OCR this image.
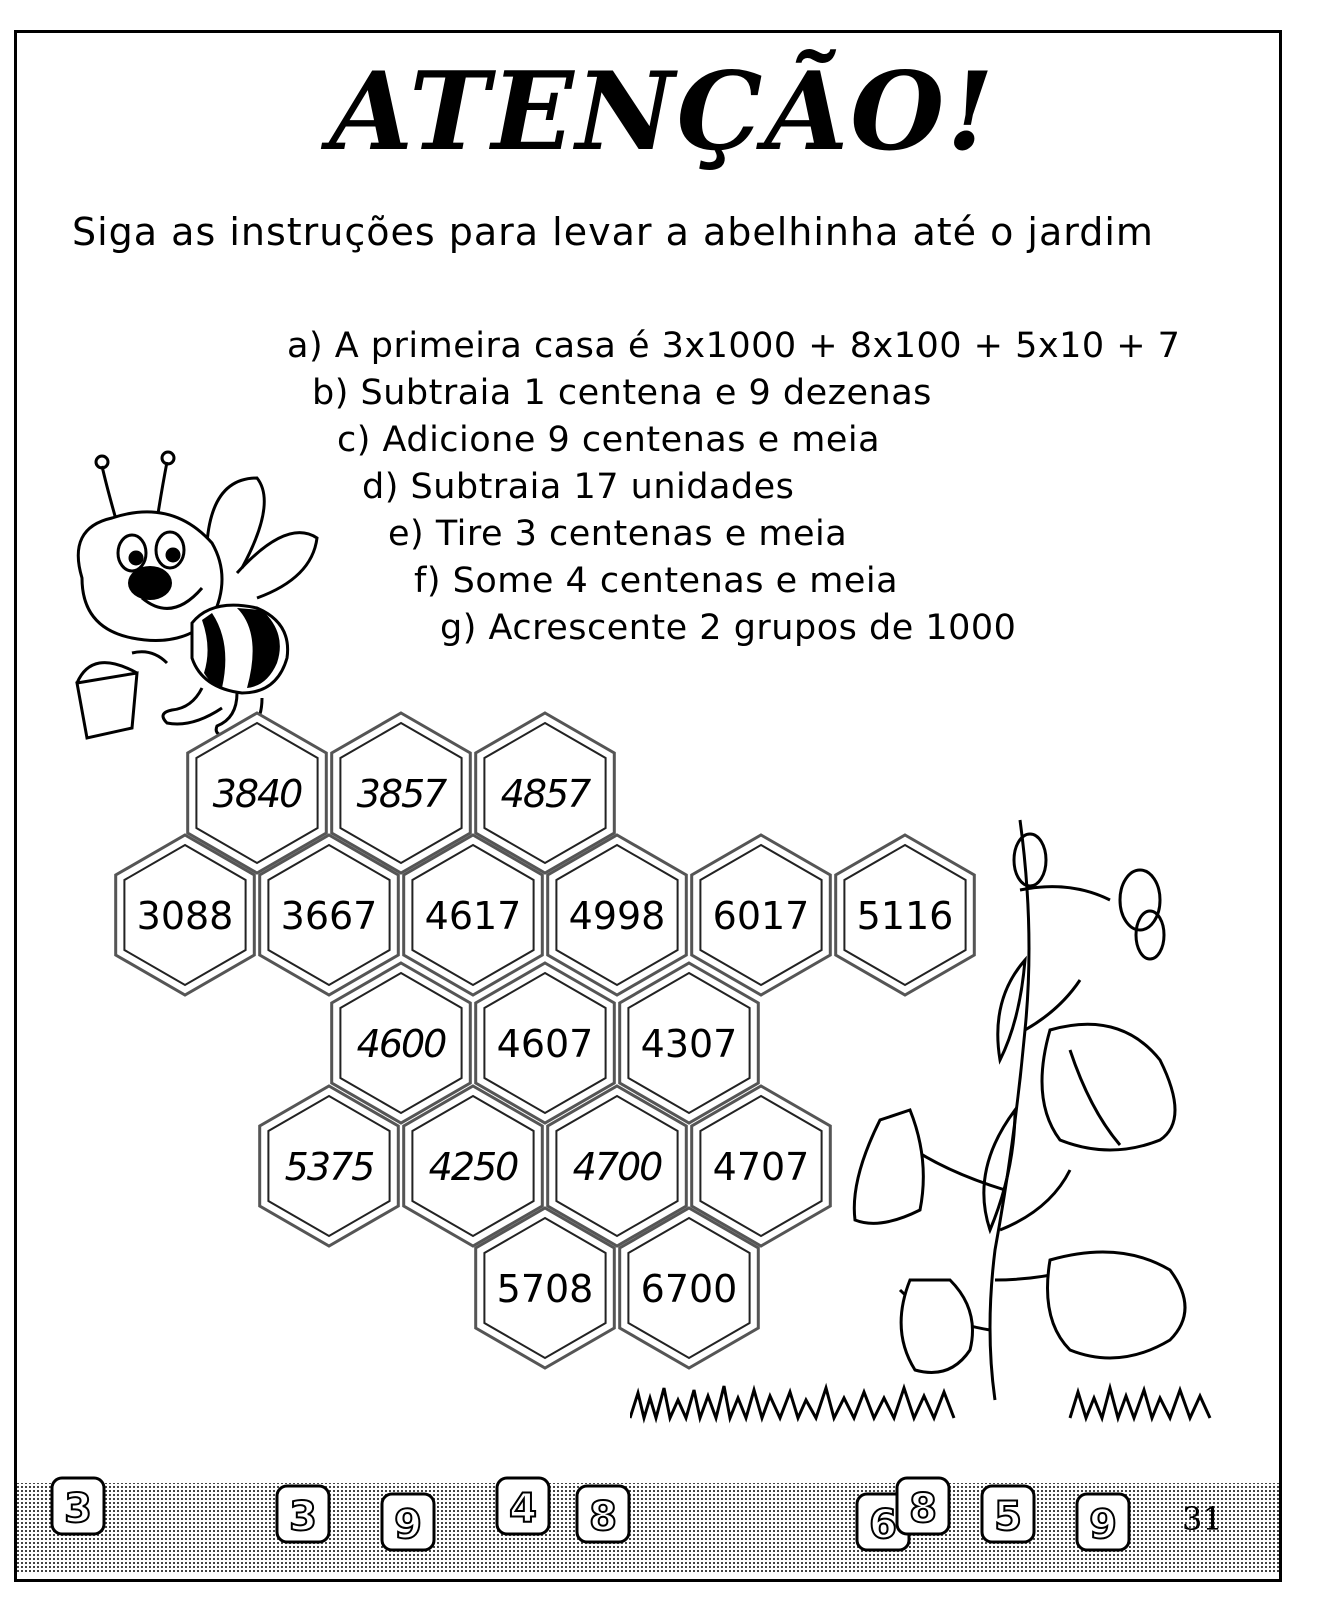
ATENÇÃO!
Siga as instruções para levar a abelhinha até o jardim
a) A primeira casa é 3x1000 + 8x100 + 5x10 + 7
b) Subtraia 1 centena e 9 dezenas
c) Adicione 9 centenas e meia
d) Subtraia 17 unidades
e) Tire 3 centenas e meia
f) Some 4 centenas e meia
g) Acrescente 2 grupos de 1000
3840 3857 4857
3088 3667 4617 4998 6017 5116
4600 4607 4307
5375 4250 4700 4707
5708 6700
3	3 9 4 8	6 8 5 9 31
